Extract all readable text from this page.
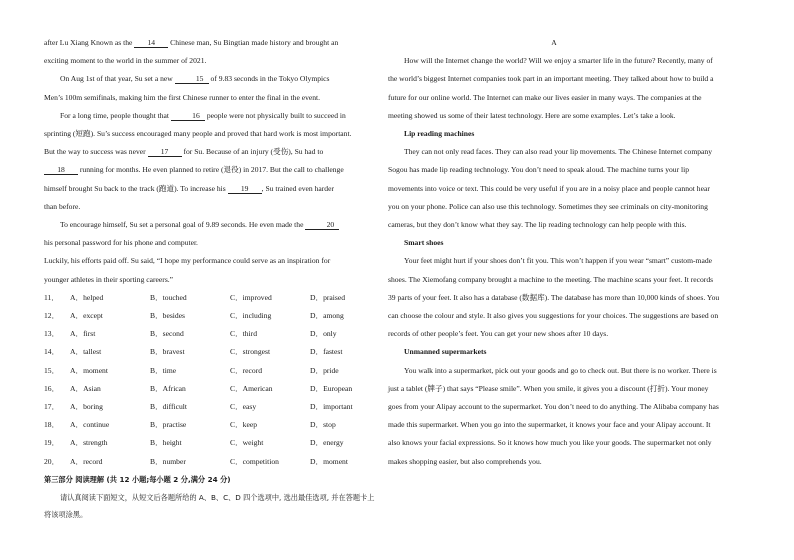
after Lu Xiang Known as the 14 Chinese man, Su Bingtian made history and brought an

exciting moment to the world in the summer of 2021.

On Aug 1st of that year, Su set a new	15 of 9.83 seconds in the Tokyo Olympics

Men’s 100m semifinals, making him the first Chinese runner to enter the final in the event.

For a long time, people thought that	16 people were not physically built to succeed in

sprinting (短跑). Su’s success encouraged many people and proved that hard work is most important.

But the way to success was never 17 for Su. Because of an injury (受伤), Su had to

18 running for months. He even planned to retire (退役) in 2017. But the call to challenge

himself brought Su back to the track (跑道). To increase his 19 , Su trained even harder

than before.

To encourage himself, Su set a personal goal of 9.89 seconds. He even made the	20

his personal password for his phone and computer.

Luckily, his efforts paid off. Su said, “I hope my performance could serve as an inspiration for

younger athletes in their sporting careers.”

11．	A．helped	B．touched	C．improved	D．praised
12．	A．except	B．besides	C．including	D．among
13．	A．first	B．second	C．third	D．only
14．	A．tallest	B．bravest	C．strongest	D．fastest
15．	A．moment	B．time	C．record	D．pride
16．	A．Asian	B．African	C．American	D．European
17．	A．boring	B．difficult	C．easy	D．important
18．	A．continue	B．practise	C．keep	D．stop
19．	A．strength	B．height	C．weight	D．energy
20．	A．record	B．number	C．competition	D．moment

第三部分 阅读理解 (共 12 小题;每小题 2 分,满分 24 分)

请认真阅读下面短文，从短文后各题所给的 A、B、C、D 四个选项中, 选出最佳选项, 并在答题卡上将该项涂黑。

A

How will the Internet change the world? Will we enjoy a smarter life in the future? Recently, many of the world’s biggest Internet companies took part in an important meeting. They talked about how to build a future for our online world. The Internet can make our lives easier in many ways. The companies at the meeting showed us some of their latest technology. Here are some examples. Let’s take a look.

Lip reading machines

They can not only read faces. They can also read your lip movements. The Chinese Internet company Sogou has made lip reading technology. You don’t need to speak aloud. The machine turns your lip movements into voice or text. This could be very useful if you are in a noisy place and people cannot hear you on your phone. Police can also use this technology. Sometimes they see criminals on city-monitoring cameras, but they don’t know what they say. The lip reading technology can help people with this.

Smart shoes

Your feet might hurt if your shoes don’t fit you. This won’t happen if you wear “smart” custom-made shoes. The Xiemofang company brought a machine to the meeting. The machine scans your feet. It records 39 parts of your feet. It also has a database (数据库). The database has more than 10,000 kinds of shoes. You can choose the colour and style. It also gives you suggestions for your choices. The suggestions are based on records of other people’s feet. You can get your new shoes after 10 days.

Unmanned supermarkets

You walk into a supermarket, pick out your goods and go to check out. But there is no worker. There is just a tablet (牌子) that says “Please smile”. When you smile, it gives you a discount (打折). Your money goes from your Alipay account to the supermarket. You don’t need to do anything. The Alibaba company has made this supermarket. When you go into the supermarket, it knows your face and your Alipay account. It also knows your facial expressions. So it knows how much you like your goods. The supermarket not only makes shopping easier, but also comprehends you.
